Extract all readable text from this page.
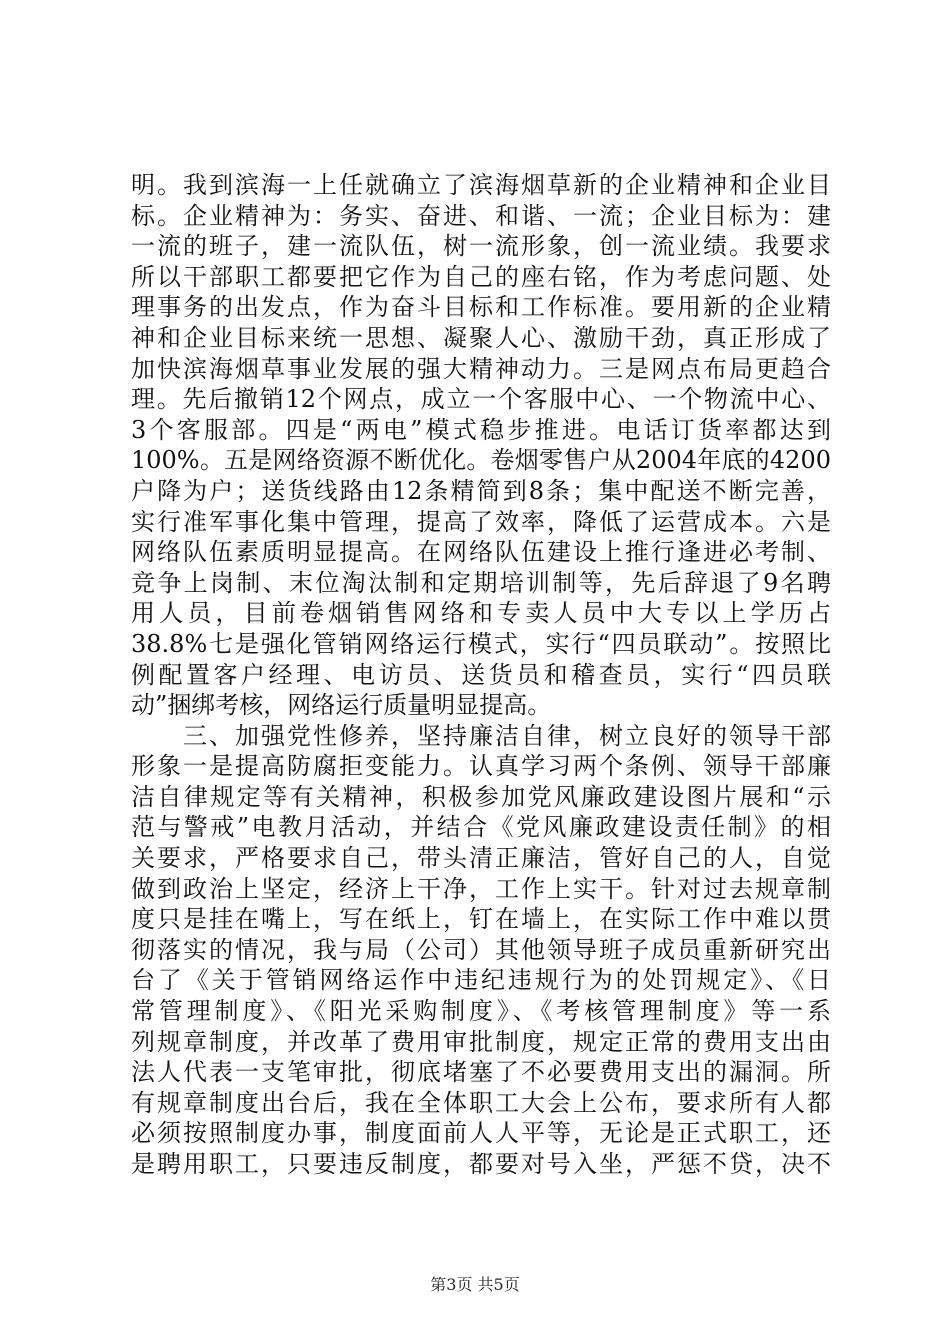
明。我到滨海一上任就确立了滨海烟草新的企业精神和企业目
标。企业精神为：务实、奋进、和谐、一流；企业目标为：建
一流的班子，建一流队伍，树一流形象，创一流业绩。我要求
所以干部职工都要把它作为自己的座右铭，作为考虑问题、处
理事务的出发点，作为奋斗目标和工作标准。要用新的企业精
神和企业目标来统一思想、凝聚人心、激励干劲，真正形成了
加快滨海烟草事业发展的强大精神动力。三是网点布局更趋合
理。先后撤销12个网点，成立一个客服中心、一个物流中心、
3个客服部。四是“两电”模式稳步推进。电话订货率都达到
100%。五是网络资源不断优化。卷烟零售户从2004年底的4200
户降为户；送货线路由12条精简到8条；集中配送不断完善，
实行准军事化集中管理，提高了效率，降低了运营成本。六是
网络队伍素质明显提高。在网络队伍建设上推行逢进必考制、
竞争上岗制、末位淘汰制和定期培训制等，先后辞退了9名聘
用人员，目前卷烟销售网络和专卖人员中大专以上学历占
38.8%七是强化管销网络运行模式，实行“四员联动”。按照比
例配置客户经理、电访员、送货员和稽查员，实行“四员联
动”捆绑考核，网络运行质量明显提高。
　　三、加强党性修养，坚持廉洁自律，树立良好的领导干部
形象一是提高防腐拒变能力。认真学习两个条例、领导干部廉
洁自律规定等有关精神，积极参加党风廉政建设图片展和“示
范与警戒”电教月活动，并结合《党风廉政建设责任制》的相
关要求，严格要求自己，带头清正廉洁，管好自己的人，自觉
做到政治上坚定，经济上干净，工作上实干。针对过去规章制
度只是挂在嘴上，写在纸上，钉在墙上，在实际工作中难以贯
彻落实的情况，我与局（公司）其他领导班子成员重新研究出
台了《关于管销网络运作中违纪违规行为的处罚规定》、《日
常管理制度》、《阳光采购制度》、《考核管理制度》等一系
列规章制度，并改革了费用审批制度，规定正常的费用支出由
法人代表一支笔审批，彻底堵塞了不必要费用支出的漏洞。所
有规章制度出台后，我在全体职工大会上公布，要求所有人都
必须按照制度办事，制度面前人人平等，无论是正式职工，还
是聘用职工，只要违反制度，都要对号入坐，严惩不贷，决不
第3页 共5页
